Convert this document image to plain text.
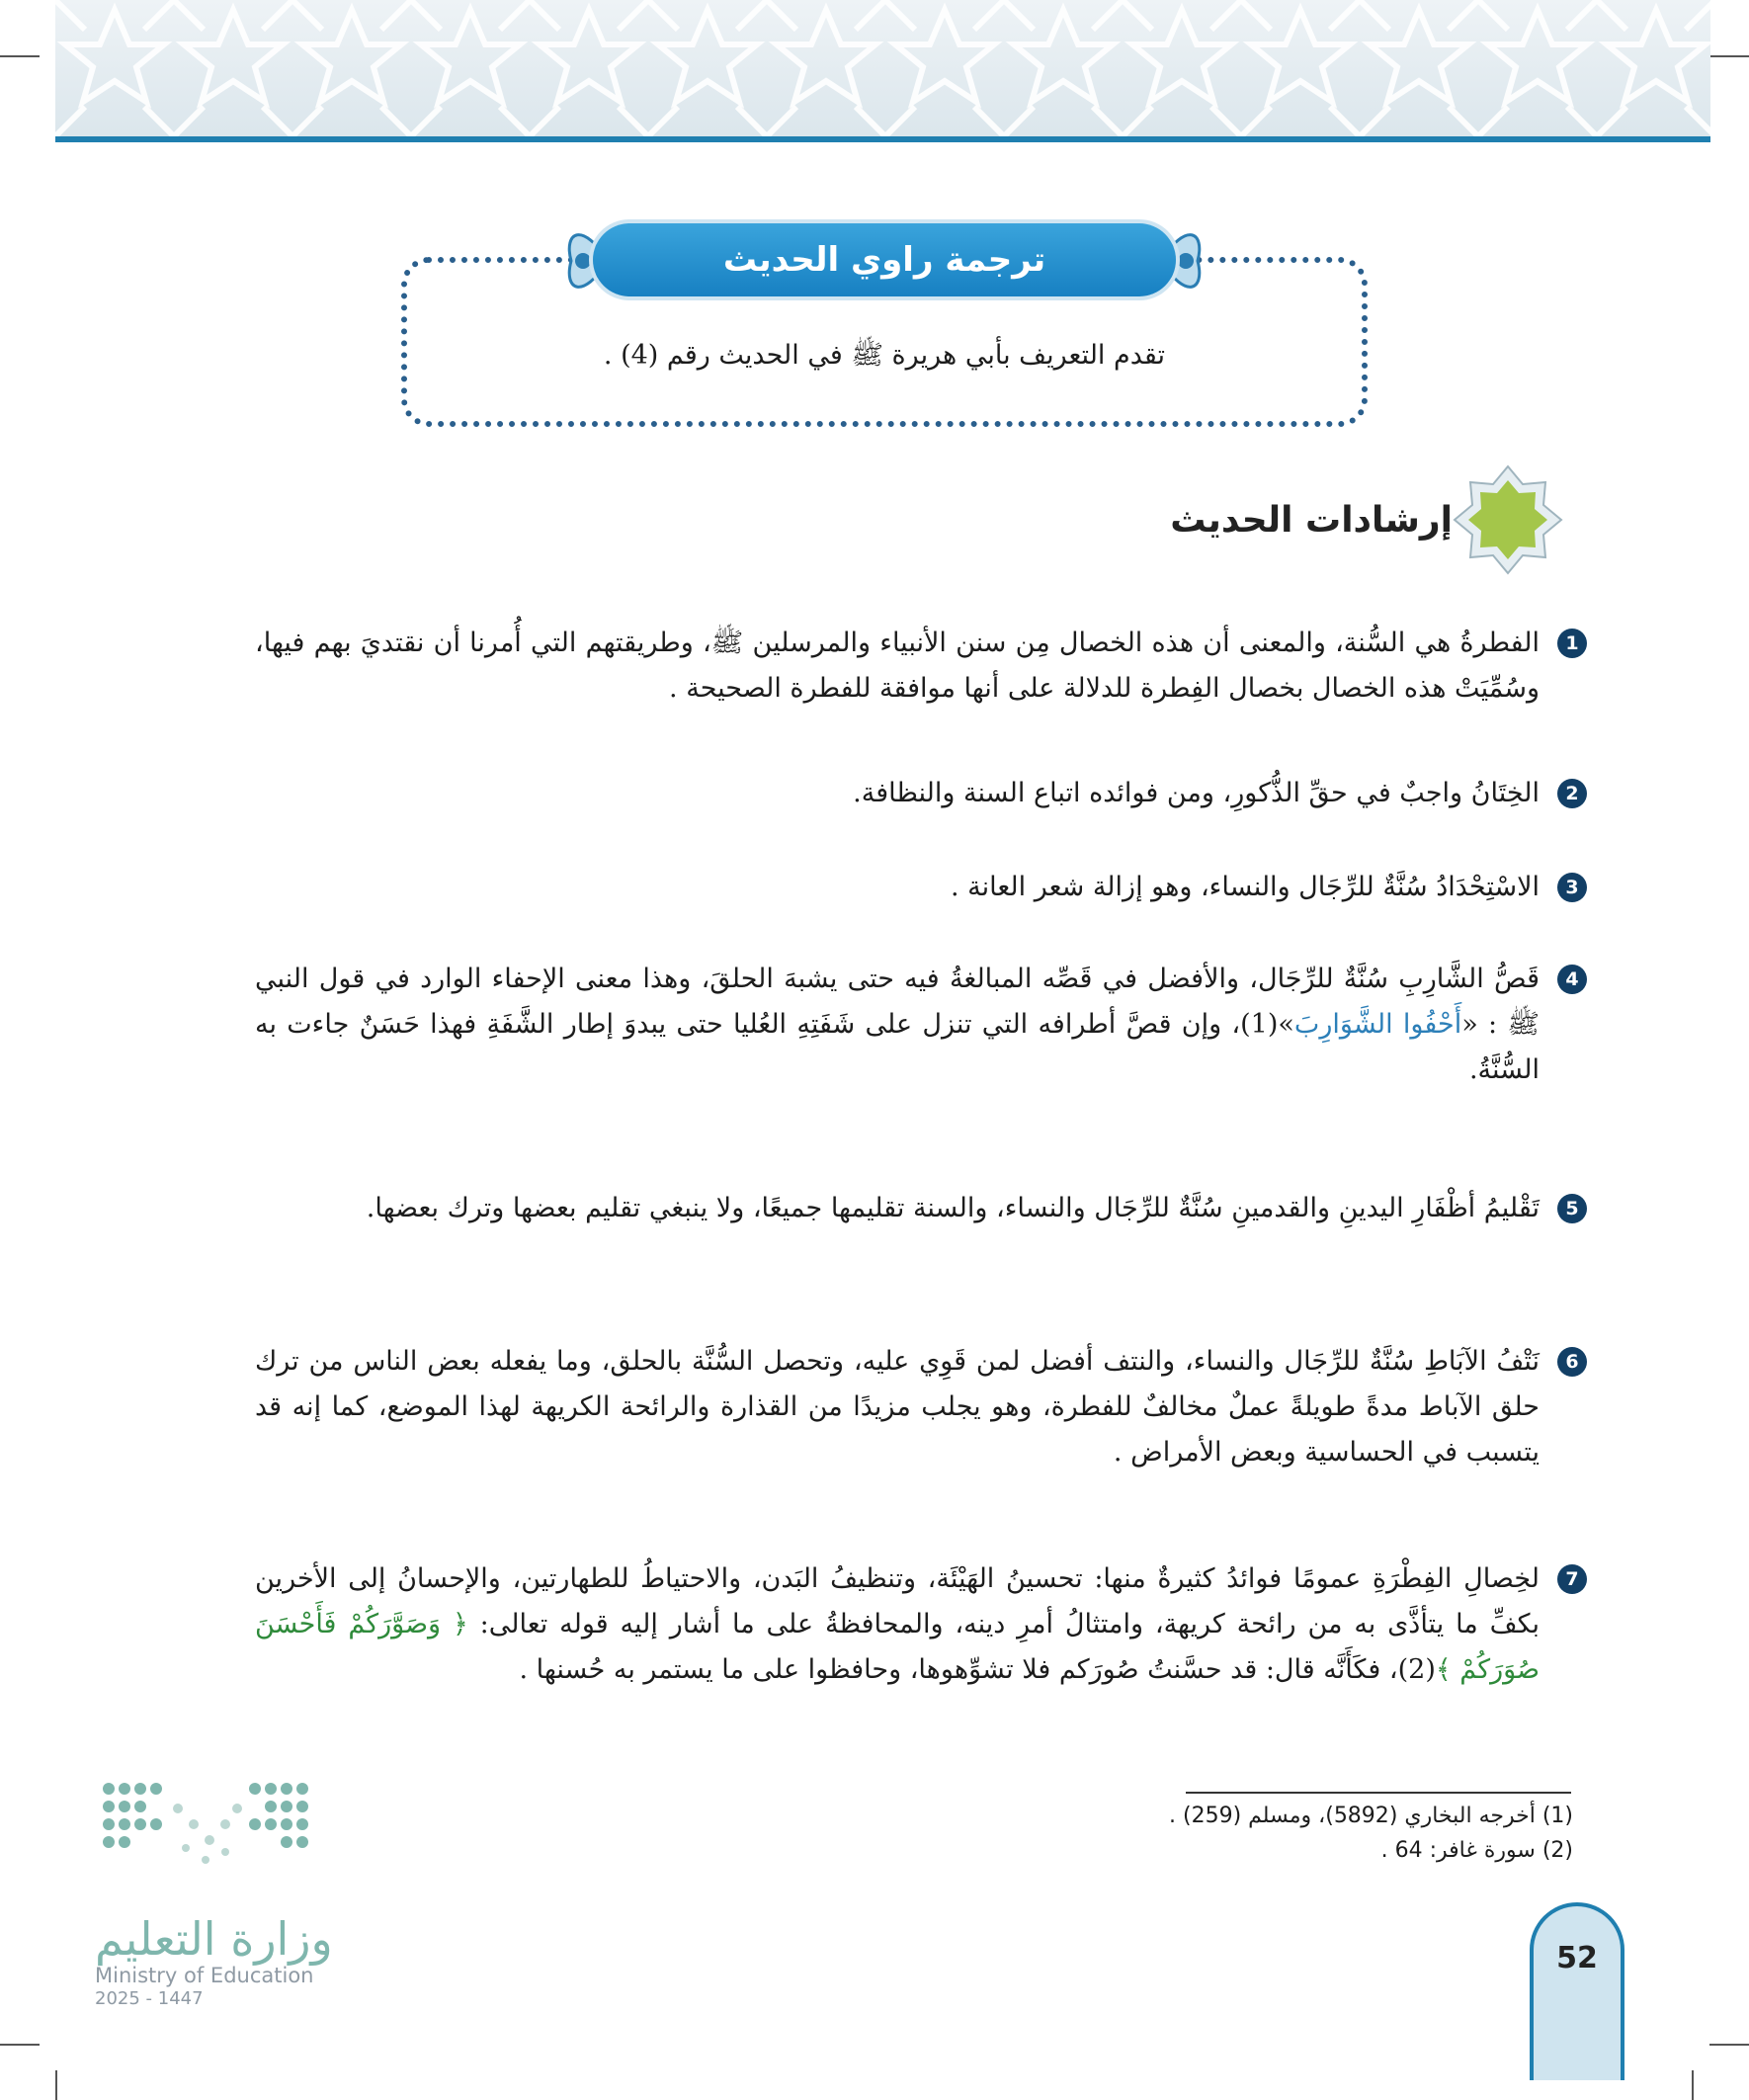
ترجمة راوي الحديث
تقدم التعريف بأبي هريرة ﷺ في الحديث رقم (4) .
إرشادات الحديث
1
الفطرةُ هي السُّنة، والمعنى أن هذه الخصال مِن سنن الأنبياء والمرسلين ﷺ، وطريقتهم التي أُمرنا أن نقتديَ بهم فيها، وسُمِّيَتْ هذه الخصال بخصال الفِطرة للدلالة على أنها موافقة للفطرة الصحيحة .
2
الخِتَانُ واجبٌ في حقِّ الذُّكورِ، ومن فوائده اتباع السنة والنظافة.
3
الاسْتِحْدَادُ سُنَّةٌ للرِّجَال والنساء، وهو إزالة شعر العانة .
4
قَصُّ الشَّارِبِ سُنَّةٌ للرِّجَال، والأفضل في قَصِّه المبالغةُ فيه حتى يشبهَ الحلقَ، وهذا معنى الإحفاء الوارد في قول النبي ﷺ : «أَحْفُوا الشَّوَارِبَ»(1)، وإن قصَّ أطرافه التي تنزل على شَفَتِهِ العُليا حتى يبدوَ إطار الشَّفَةِ فهذا حَسَنٌ جاءت به السُّنَّةُ.
5
تَقْليمُ أظْفَارِ اليدينِ والقدمينِ سُنَّةٌ للرِّجَال والنساء، والسنة تقليمها جميعًا، ولا ينبغي تقليم بعضها وترك بعضها.
6
نَتْفُ الآبَاطِ سُنَّةٌ للرِّجَال والنساء، والنتف أفضل لمن قَوِي عليه، وتحصل السُّنَّة بالحلق، وما يفعله بعض الناس من ترك حلق الآباط مدةً طويلةً عملٌ مخالفٌ للفطرة، وهو يجلب مزيدًا من القذارة والرائحة الكريهة لهذا الموضع، كما إنه قد يتسبب في الحساسية وبعض الأمراض .
7
لخِصالِ الفِطْرَةِ عمومًا فوائدُ كثيرةٌ منها: تحسينُ الهَيْئَة، وتنظيفُ البَدن، والاحتياطُ للطهارتين، والإحسانُ إلى الأخرين بكفِّ ما يتأذَّى به من رائحة كريهة، وامتثالُ أمرِ دينه، والمحافظةُ على ما أشار إليه قوله تعالى: ﴿ وَصَوَّرَكُمْ فَأَحْسَنَ صُوَرَكُمْ ﴾(2)، فكَأَنَّه قال: قد حسَّنتُ صُورَكم فلا تشوِّهوها، وحافظوا على ما يستمر به حُسنها .
(1) أخرجه البخاري (5892)، ومسلم (259) .
(2) سورة غافر: 64 .
وزارة التعليم
Ministry of Education
2025 - 1447
52
